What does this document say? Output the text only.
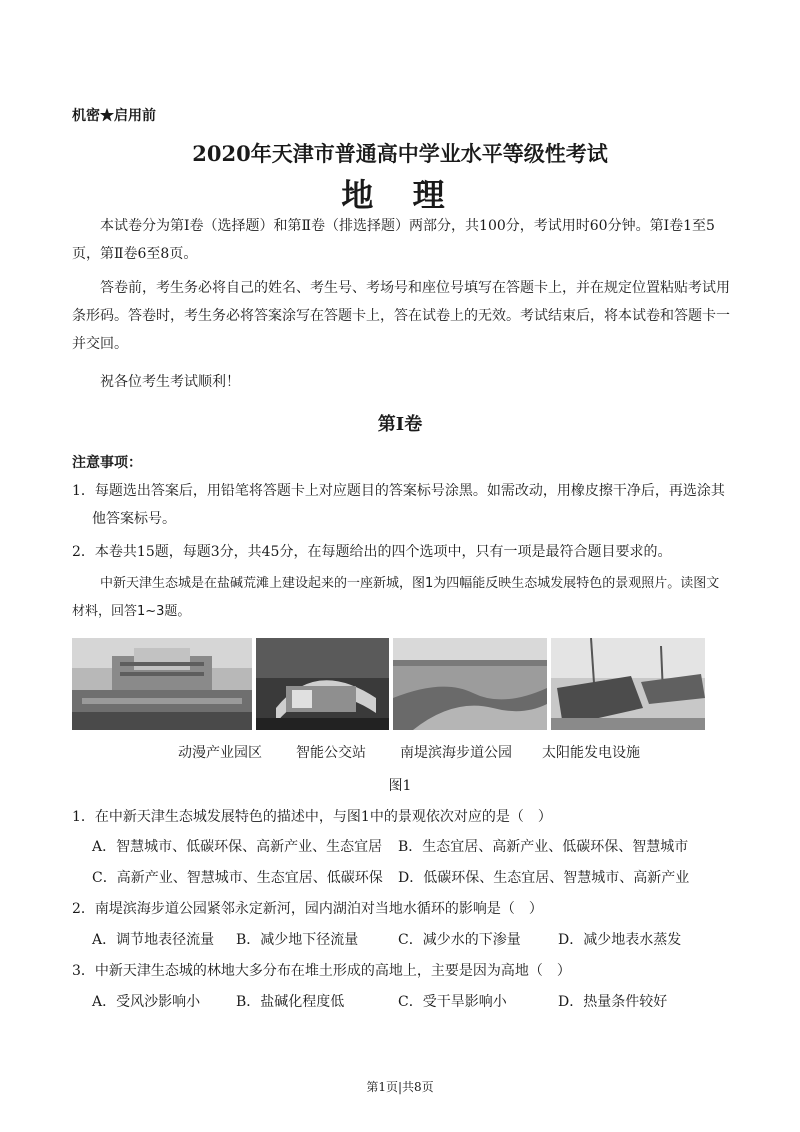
机密★启用前
2020年天津市普通高中学业水平等级性考试
地 理
本试卷分为第Ⅰ卷（选择题）和第Ⅱ卷（排选择题）两部分，共100分，考试用时60分钟。第Ⅰ卷1至5页，第Ⅱ卷6至8页。
答卷前，考生务必将自己的姓名、考生号、考场号和座位号填写在答题卡上，并在规定位置粘贴考试用条形码。答卷时，考生务必将答案涂写在答题卡上，答在试卷上的无效。考试结束后，将本试卷和答题卡一并交回。
祝各位考生考试顺利！
第Ⅰ卷
注意事项：
1．每题选出答案后，用铅笔将答题卡上对应题目的答案标号涂黑。如需改动，用橡皮擦干净后，再选涂其他答案标号。
2．本卷共15题，每题3分，共45分，在每题给出的四个选项中，只有一项是最符合题目要求的。
中新天津生态城是在盐碱荒滩上建设起来的一座新城，图1为四幅能反映生态城发展特色的景观照片。读图文材料，回答1~3题。
动漫产业园区 智能公交站 南堤滨海步道公园 太阳能发电设施
图1
1．在中新天津生态城发展特色的描述中，与图1中的景观依次对应的是（　）
A．智慧城市、低碳环保、高新产业、生态宜居 B．生态宜居、高新产业、低碳环保、智慧城市
C．高新产业、智慧城市、生态宜居、低碳环保 D．低碳环保、生态宜居、智慧城市、高新产业
2．南堤滨海步道公园紧邻永定新河，园内湖泊对当地水循环的影响是（　）
A．调节地表径流量 B．减少地下径流量	C．减少水的下渗量	D．减少地表水蒸发
3．中新天津生态城的林地大多分布在堆土形成的高地上，主要是因为高地（　）
A．受风沙影响小	B．盐碱化程度低	C．受干旱影响小	D．热量条件较好
第1页|共8页
